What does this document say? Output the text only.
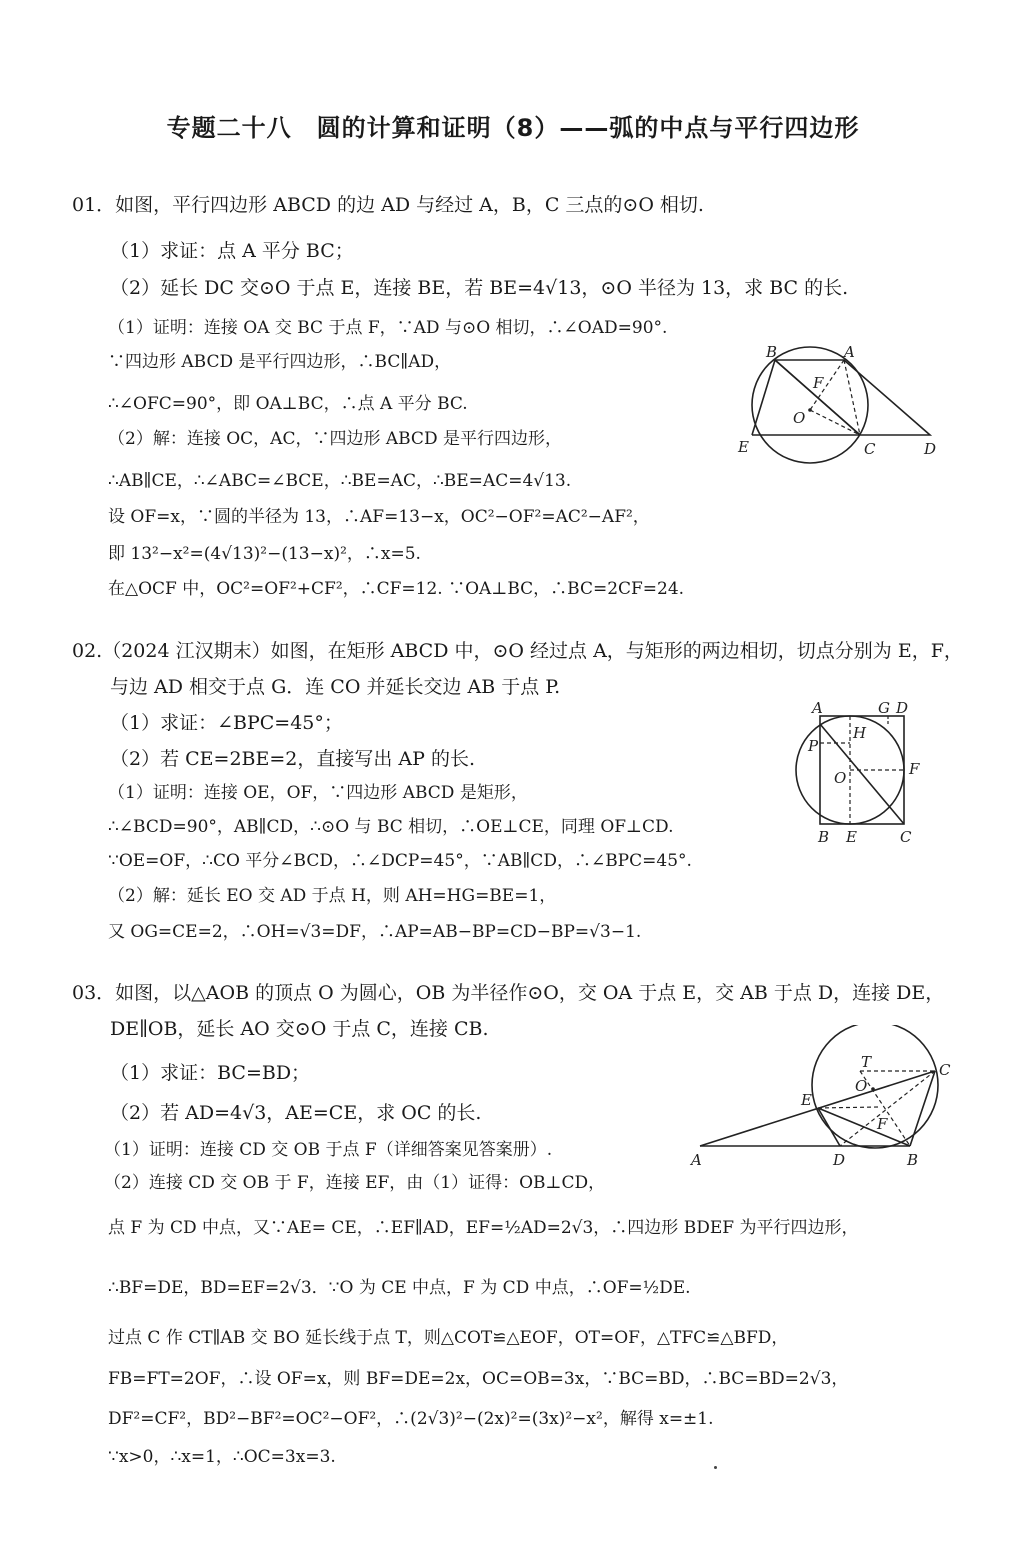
专题二十八　圆的计算和证明（8）——弧的中点与平行四边形
01．如图，平行四边形 ABCD 的边 AD 与经过 A，B，C 三点的⊙O 相切.
（1）求证：点 A 平分 BC；
（2）延长 DC 交⊙O 于点 E，连接 BE，若 BE=4√13，⊙O 半径为 13，求 BC 的长.
（1）证明：连接 OA 交 BC 于点 F，∵AD 与⊙O 相切，∴∠OAD=90°.
∵四边形 ABCD 是平行四边形，∴BC∥AD，
∴∠OFC=90°，即 OA⊥BC，∴点 A 平分 BC.
（2）解：连接 OC，AC，∵四边形 ABCD 是平行四边形，
∴AB∥CE，∴∠ABC=∠BCE，∴BE=AC，∴BE=AC=4√13.
设 OF=x，∵圆的半径为 13，∴AF=13−x，OC²−OF²=AC²−AF²，
即 13²−x²=(4√13)²−(13−x)²，∴x=5.
在△OCF 中，OC²=OF²+CF²，∴CF=12. ∵OA⊥BC，∴BC=2CF=24.
B	A
F
O
E	C	D
02.（2024 江汉期末）如图，在矩形 ABCD 中，⊙O 经过点 A，与矩形的两边相切，切点分别为 E，F，
与边 AD 相交于点 G．连 CO 并延长交边 AB 于点 P.
（1）求证：∠BPC=45°；
（2）若 CE=2BE=2，直接写出 AP 的长.
（1）证明：连接 OE，OF，∵四边形 ABCD 是矩形，
∴∠BCD=90°，AB∥CD，∴⊙O 与 BC 相切，∴OE⊥CE，同理 OF⊥CD.
∵OE=OF，∴CO 平分∠BCD，∴∠DCP=45°，∵AB∥CD，∴∠BPC=45°.
（2）解：延长 EO 交 AD 于点 H，则 AH=HG=BE=1，
又 OG=CE=2，∴OH=√3=DF，∴AP=AB−BP=CD−BP=√3−1.
A	G D
H
P
O	F
B E	C
03．如图，以△AOB 的顶点 O 为圆心，OB 为半径作⊙O，交 OA 于点 E，交 AB 于点 D，连接 DE，
DE∥OB，延长 AO 交⊙O 于点 C，连接 CB.
（1）求证：BC=BD；
（2）若 AD=4√3，AE=CE，求 OC 的长.
（1）证明：连接 CD 交 OB 于点 F（详细答案见答案册）.
（2）连接 CD 交 OB 于 F，连接 EF，由（1）证得：OB⊥CD，
点 F 为 CD 中点，又∵AE= CE，∴EF∥AD，EF=½AD=2√3，∴四边形 BDEF 为平行四边形，
∴BF=DE，BD=EF=2√3．∵O 为 CE 中点，F 为 CD 中点，∴OF=½DE.
过点 C 作 CT∥AB 交 BO 延长线于点 T，则△COT≌△EOF，OT=OF，△TFC≌△BFD，
FB=FT=2OF，∴设 OF=x，则 BF=DE=2x，OC=OB=3x，∵BC=BD，∴BC=BD=2√3，
DF²=CF²，BD²−BF²=OC²−OF²，∴(2√3)²−(2x)²=(3x)²−x²，解得 x=±1.
∵x>0，∴x=1，∴OC=3x=3.
T	C
O
E
F
A	D	B
